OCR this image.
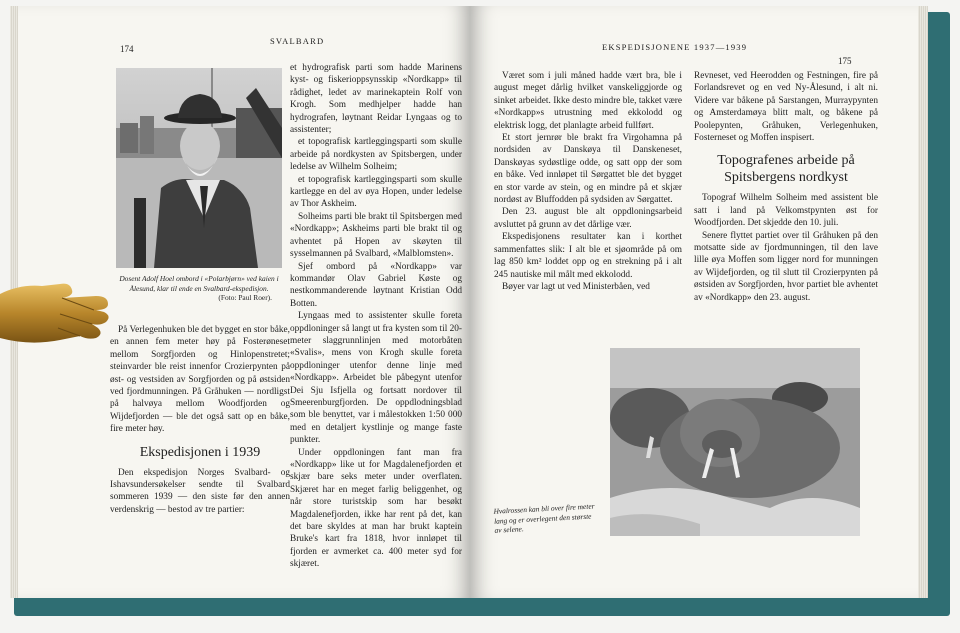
174
SVALBARD
Dosent Adolf Hoel ombord i «Polarbjørn» ved kaien i Ålesund, klar til ende en Svalbard-ekspedisjon.
(Foto: Paul Roer).

På Verlegenhuken ble det bygget en stor båke, en annen fem meter høy på Fosterøneset mellom Sorgfjorden og Hinlopenstretet; steinvarder ble reist innenfor Crozierpynten på øst- og vestsiden av Sorgfjorden og på østsiden ved fjordmunningen. På Gråhuken — nordligst på halvøya mellom Woodfjorden og Wijdefjorden — ble det også satt op en båke, fire meter høy.

Ekspedisjonen i 1939

Den ekspedisjon Norges Svalbard- og Ishavsundersøkelser sendte til Svalbard sommeren 1939 — den siste før den annen verdenskrig — bestod av tre partier:

et hydrografisk parti som hadde Marinens kyst- og fiskerioppsynsskip «Nordkapp» til rådighet, ledet av marinekaptein Rolf von Krogh. Som medhjelper hadde han hydrografen, løytnant Reidar Lyngaas og to assistenter;

et topografisk kartleggingsparti som skulle arbeide på nordkysten av Spitsbergen, under ledelse av Wilhelm Solheim;

et topografisk kartleggingsparti som skulle kartlegge en del av øya Hopen, under ledelse av Thor Askheim.

Solheims parti ble brakt til Spitsbergen med «Nordkapp»; Askheims parti ble brakt til og avhentet på Hopen av skøyten til sysselmannen på Svalbard, «Malblomsten».

Sjef ombord på «Nordkapp» var kommandør Olav Gabriel Køste og nestkommanderende løytnant Kristian Odd Botten.

Lyngaas med to assistenter skulle foreta oppdloninger så langt ut fra kysten som til 20-meter slaggrunnlinjen med motorbåten «Svalis», mens von Krogh skulle foreta oppdloninger utenfor denne linje med «Nordkapp». Arbeidet ble påbegynt utenfor Dei Sju Isfjella og fortsatt nordover til Smeerenburgfjorden. De oppdlodningsblad som ble benyttet, var i målestokken 1:50 000 med en detaljert kystlinje og mange faste punkter.

Under oppdloningen fant man fra «Nordkapp» like ut for Magdalenefjorden et skjær bare seks meter under overflaten. Skjæret har en meget farlig beliggenhet, og når store turistskip som har besøkt Magdalenefjorden, ikke har rent på det, kan det bare skyldes at man har brukt kaptein Bruke's kart fra 1818, hvor innløpet til fjorden er avmerket ca. 400 meter syd for skjæret.

EKSPEDISJONENE 1937—1939
175

Været som i juli måned hadde vært bra, ble i august meget dårlig hvilket vanskeliggjorde og sinket arbeidet. Ikke desto mindre ble, takket være «Nordkapp»s utrustning med ekkolodd og elektrisk logg, det planlagte arbeid fullført.

Et stort jernrør ble brakt fra Virgohamna på nordsiden av Danskøya til Danskeneset, Danskøyas sydøstlige odde, og satt opp der som en båke. Ved innløpet til Sørgattet ble det bygget en stor varde av stein, og en mindre på et skjær nordøst av Bluffodden på sydsiden av Sørgattet.

Den 23. august ble alt oppdloningsarbeid avsluttet på grunn av det dårlige vær.

Ekspedisjonens resultater kan i korthet sammenfattes slik: I alt ble et sjøområde på om lag 850 km² loddet opp og en strekning på i alt 245 nautiske mil målt med ekkolodd.

Bøyer var lagt ut ved Ministerbåen, ved

Revneset, ved Heerodden og Festningen, fire på Forlandsrevet og en ved Ny-Ålesund, i alt ni. Videre var båkene på Sarstangen, Murraypynten og Amsterdamøya blitt malt, og båkene på Poolepynten, Gråhuken, Verlegenhuken, Fosterneset og Moffen inspisert.

Topografenes arbeide på Spitsbergens nordkyst

Topograf Wilhelm Solheim med assistent ble satt i land på Velkomstpynten øst for Woodfjorden. Det skjedde den 10. juli.

Senere flyttet partiet over til Gråhuken på den motsatte side av fjordmunningen, til den lave lille øya Moffen som ligger nord for munningen av Wijdefjorden, og til slutt til Crozierpynten på østsiden av Sorgfjorden, hvor partiet ble avhentet av «Nordkapp» den 23. august.

Hvalrossen kan bli over fire meter lang og er overlegent den største av selene.
